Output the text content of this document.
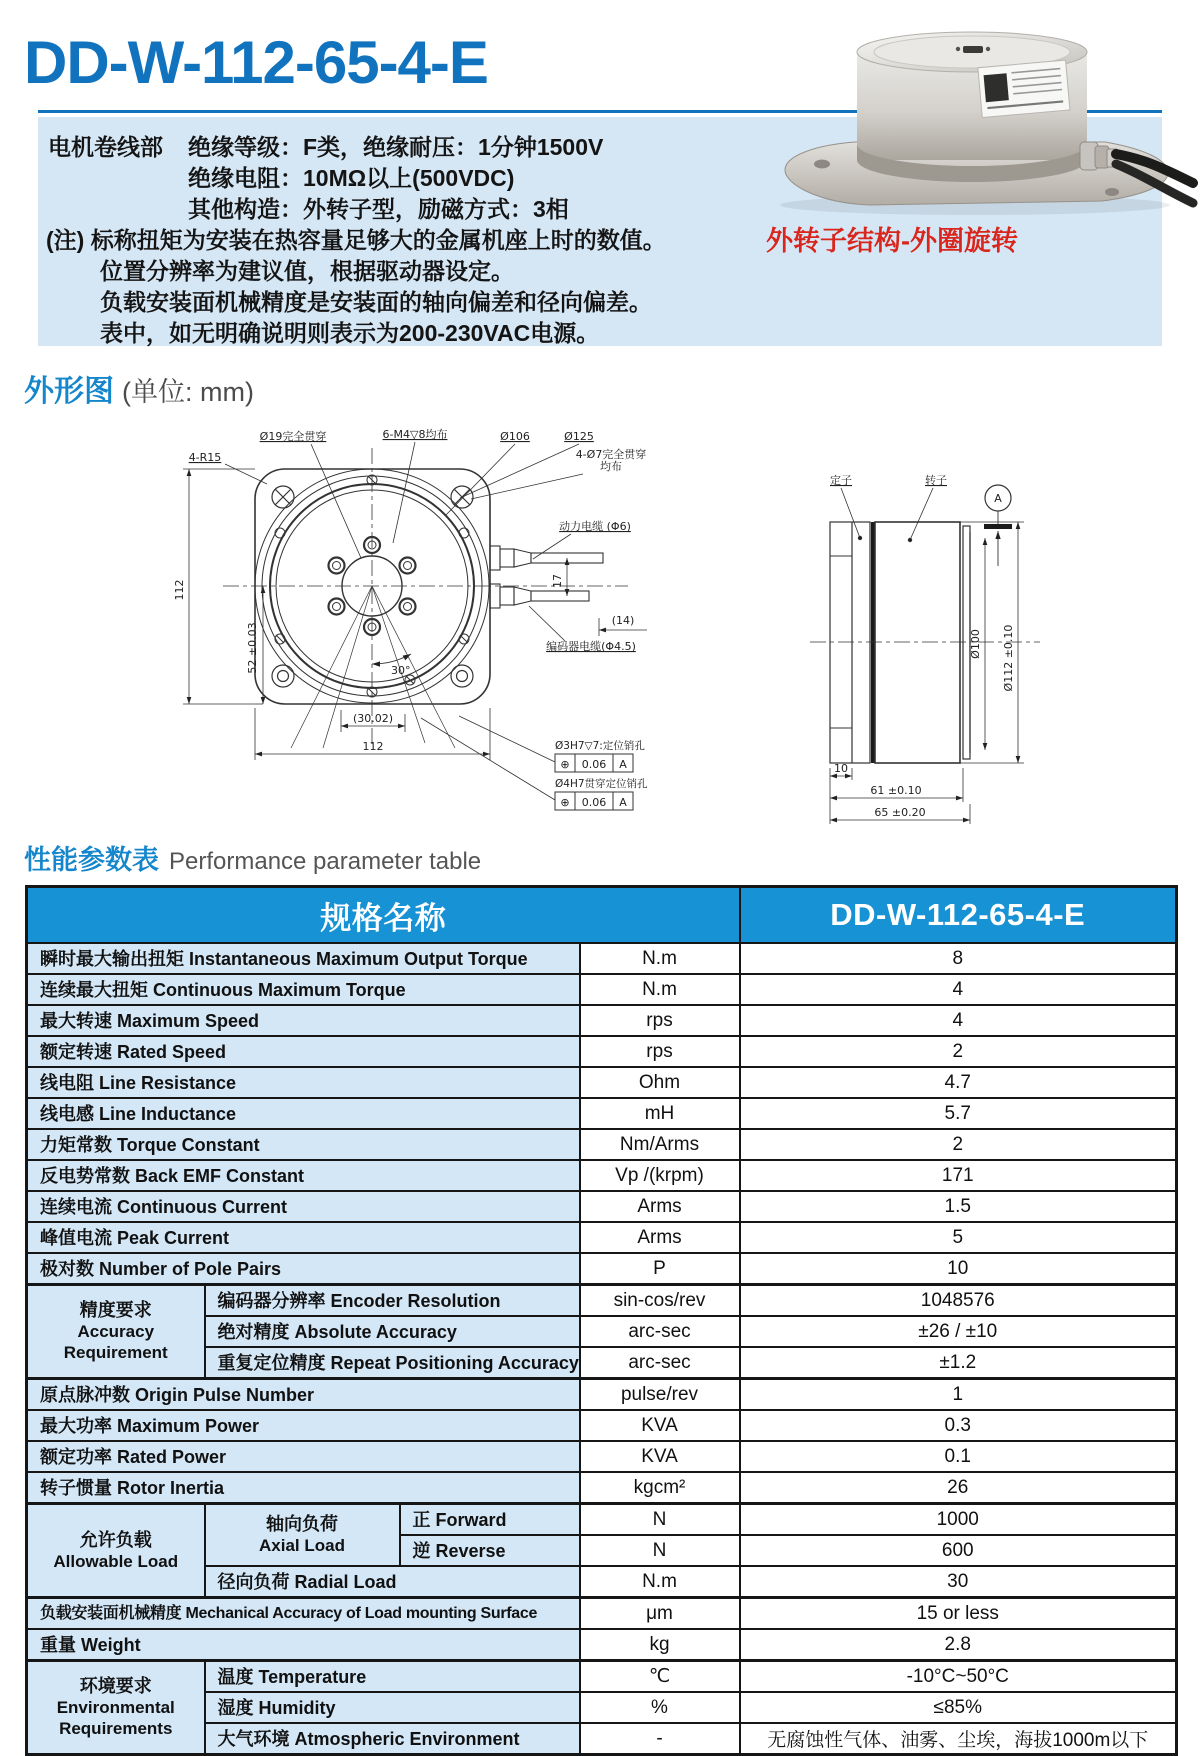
DD-W-112-65-4-E
电机卷线部 绝缘等级：F类，绝缘耐压：1分钟1500V
绝缘电阻：10MΩ以上(500VDC)
其他构造：外转子型，励磁方式：3相
(注) 标称扭矩为安装在热容量足够大的金属机座上时的数值。
位置分辨率为建议值，根据驱动器设定。
负载安装面机械精度是安装面的轴向偏差和径向偏差。
表中，如无明确说明则表示为200-230VAC电源。
外转子结构-外圈旋转
外形图 (单位: mm)
Ø19完全贯穿	6-M4▽8均布	Ø106	Ø125
4-R15	4-Ø7完全贯穿
均布
112
52 ±0.03	30°
(14)
17
(30.02)
112
动力电缆 (Φ6)
编码器电缆(Φ4.5)
Ø3H7▽7:定位销孔
⊕ 0.06 A
Ø4H7贯穿定位销孔
⊕ 0.06 A
定子	转子
A
Ø100 Ø112 ±0.10
10
61 ±0.10
65 ±0.20
性能参数表 Performance parameter table
规格名称				DD-W-112-65-4-E
瞬时最大输出扭矩 Instantaneous Maximum Output Torque			N.m	8
连续最大扭矩 Continuous Maximum Torque			N.m	4
最大转速 Maximum Speed			rps	4
额定转速 Rated Speed			rps	2
线电阻 Line Resistance			Ohm	4.7
线电感 Line Inductance			mH	5.7
力矩常数 Torque Constant			Nm/Arms	2
反电势常数 Back EMF Constant			Vp /(krpm)	171
连续电流 Continuous Current			Arms	1.5
峰值电流 Peak Current			Arms	5
极对数 Number of Pole Pairs			P	10

精度要求
Accuracy
Requirement	编码器分辨率 Encoder Resolution		sin-cos/rev	1048576
	绝对精度 Absolute Accuracy		arc-sec	±26 / ±10
	重复定位精度 Repeat Positioning Accuracy		arc-sec	±1.2
原点脉冲数 Origin Pulse Number			pulse/rev	1
最大功率 Maximum Power			KVA	0.3
额定功率 Rated Power			KVA	0.1
转子惯量 Rotor Inertia			kgcm²	26

允许负载
Allowable Load

轴向负荷
Axial Load
	正 Forward	N	1000
		逆 Reverse	N	600
	径向负荷 Radial Load		N.m	30
负载安装面机械精度 Mechanical Accuracy of Load mounting Surface			μm	15 or less
重量 Weight			kg	2.8

环境要求
Environmental
Requirements	温度 Temperature		℃	-10°C~50°C
	湿度 Humidity		%	≤85%
	大气环境 Atmospheric Environment		-	无腐蚀性气体、油雾、尘埃，海拔1000m以下
